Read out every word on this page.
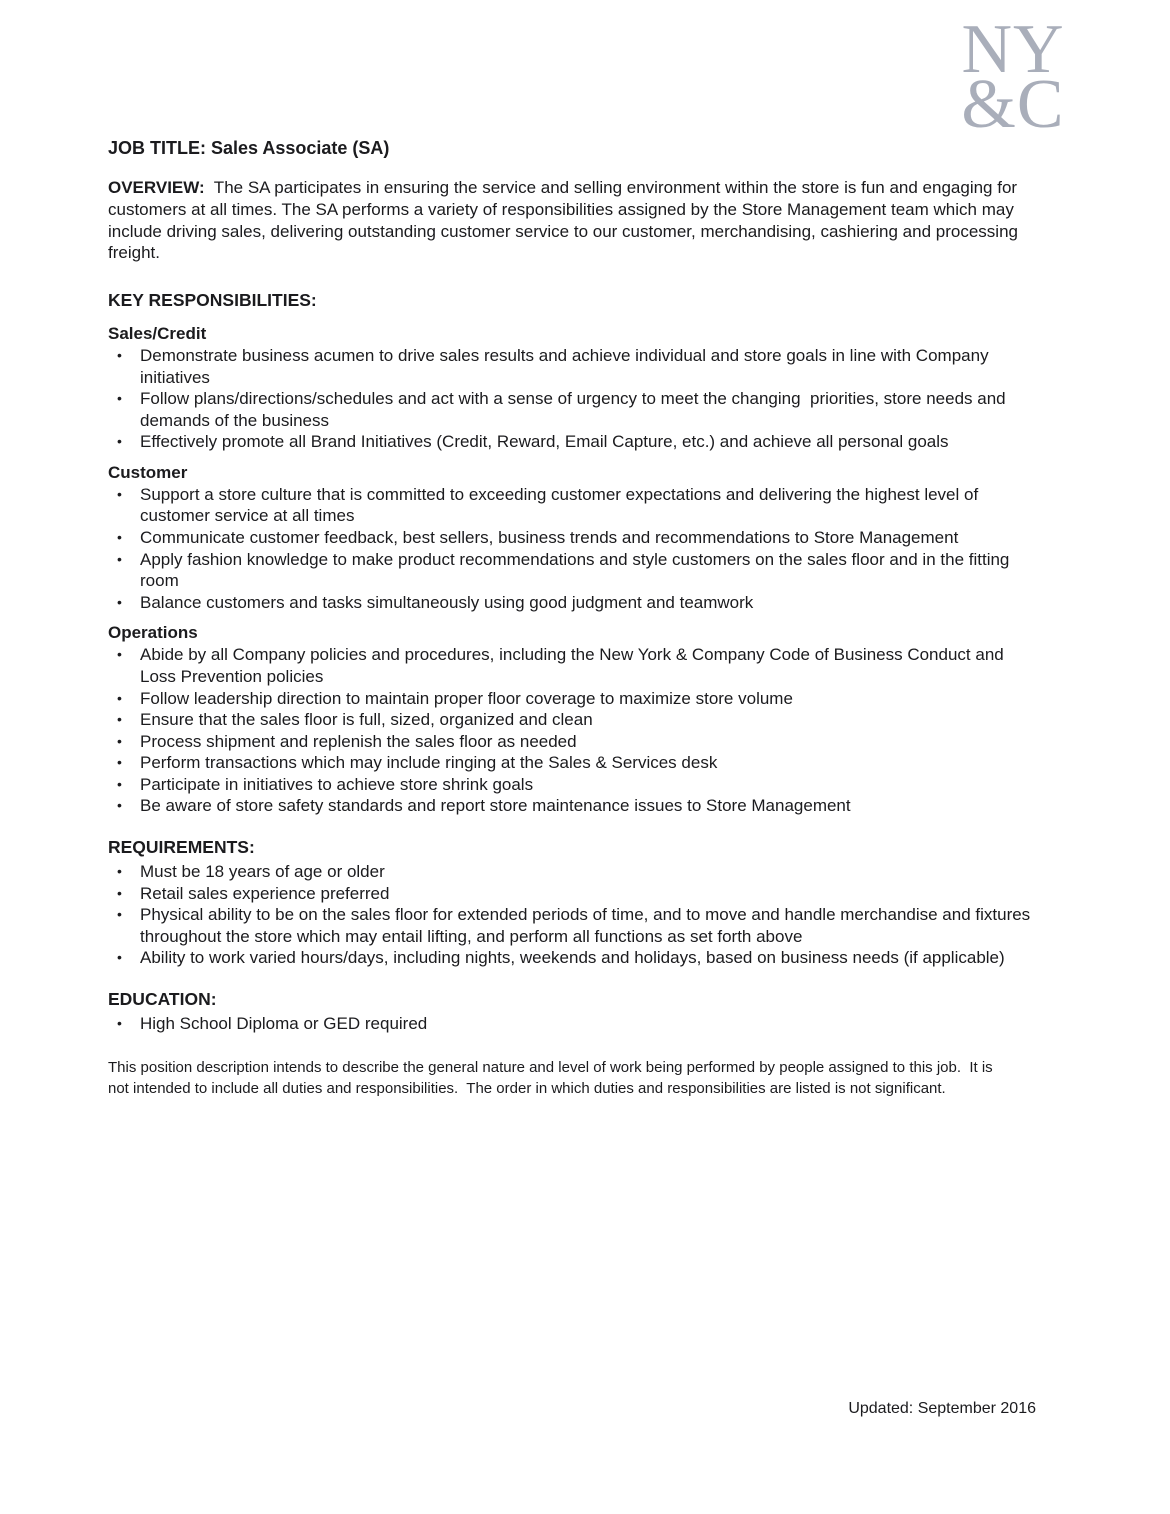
NY
&C
JOB TITLE: Sales Associate (SA)

OVERVIEW:  The SA participates in ensuring the service and selling environment within the store is fun and engaging for customers at all times. The SA performs a variety of responsibilities assigned by the Store Management team which may include driving sales, delivering outstanding customer service to our customer, merchandising, cashiering and processing freight.

KEY RESPONSIBILITIES:
Sales/Credit
•	Demonstrate business acumen to drive sales results and achieve individual and store goals in line with Company initiatives
•	Follow plans/directions/schedules and act with a sense of urgency to meet the changing  priorities, store needs and demands of the business
•	Effectively promote all Brand Initiatives (Credit, Reward, Email Capture, etc.) and achieve all personal goals
Customer
•	Support a store culture that is committed to exceeding customer expectations and delivering the highest level of customer service at all times
•	Communicate customer feedback, best sellers, business trends and recommendations to Store Management
•	Apply fashion knowledge to make product recommendations and style customers on the sales floor and in the fitting room
•	Balance customers and tasks simultaneously using good judgment and teamwork
Operations
•	Abide by all Company policies and procedures, including the New York & Company Code of Business Conduct and Loss Prevention policies
•	Follow leadership direction to maintain proper floor coverage to maximize store volume
•	Ensure that the sales floor is full, sized, organized and clean
•	Process shipment and replenish the sales floor as needed
•	Perform transactions which may include ringing at the Sales & Services desk
•	Participate in initiatives to achieve store shrink goals
•	Be aware of store safety standards and report store maintenance issues to Store Management
REQUIREMENTS:
•	Must be 18 years of age or older
•	Retail sales experience preferred
•	Physical ability to be on the sales floor for extended periods of time, and to move and handle merchandise and fixtures throughout the store which may entail lifting, and perform all functions as set forth above
•	Ability to work varied hours/days, including nights, weekends and holidays, based on business needs (if applicable)
EDUCATION:
•	High School Diploma or GED required

This position description intends to describe the general nature and level of work being performed by people assigned to this job.  It is not intended to include all duties and responsibilities.  The order in which duties and responsibilities are listed is not significant.

Updated: September 2016
